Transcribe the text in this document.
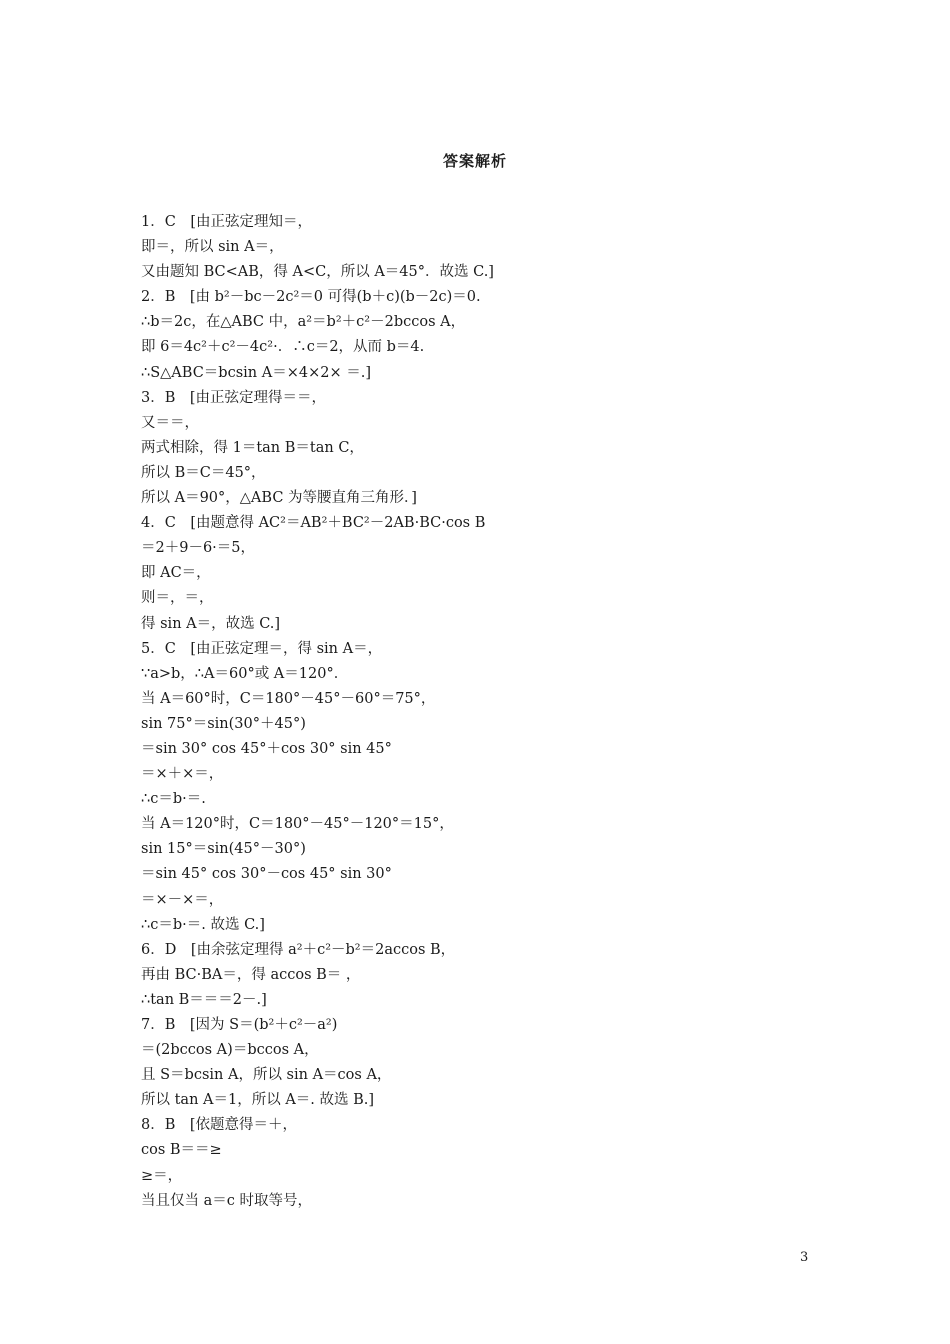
答案解析
1．C　[由正弦定理知＝，
即＝，所以 sin A＝，
又由题知 BC<AB，得 A<C，所以 A＝45°．故选 C.]
2．B　[由 b²－bc－2c²＝0 可得(b＋c)(b－2c)＝0.
∴b＝2c，在△ABC 中，a²＝b²＋c²－2bccos A，
即 6＝4c²＋c²－4c²·．∴c＝2，从而 b＝4.
∴S△ABC＝bcsin A＝×4×2× ＝.]
3．B　[由正弦定理得＝＝，
又＝＝，
两式相除，得 1＝tan B＝tan C，
所以 B＝C＝45°，
所以 A＝90°，△ABC 为等腰直角三角形．]
4．C　[由题意得 AC²＝AB²＋BC²－2AB·BC·cos B
＝2＋9－6·＝5，
即 AC＝，
则＝，＝，
得 sin A＝，故选 C.]
5．C　[由正弦定理＝，得 sin A＝，
∵a>b，∴A＝60°或 A＝120°．
当 A＝60°时，C＝180°－45°－60°＝75°，
sin 75°＝sin(30°＋45°)
＝sin 30° cos 45°＋cos 30° sin 45°
＝×＋×＝，
∴c＝b·＝.
当 A＝120°时，C＝180°－45°－120°＝15°，
sin 15°＝sin(45°－30°)
＝sin 45° cos 30°－cos 45° sin 30°
＝×－×＝，
∴c＝b·＝. 故选 C.]
6．D　[由余弦定理得 a²＋c²－b²＝2accos B，
再由 BC·BA＝，得 accos B＝ ，
∴tan B＝＝＝2－.]
7．B　[因为 S＝(b²＋c²－a²)
＝(2bccos A)＝bccos A，
且 S＝bcsin A，所以 sin A＝cos A，
所以 tan A＝1，所以 A＝. 故选 B.]
8．B　[依题意得＝＋，
cos B＝＝≥
≥＝，
当且仅当 a＝c 时取等号，
3
